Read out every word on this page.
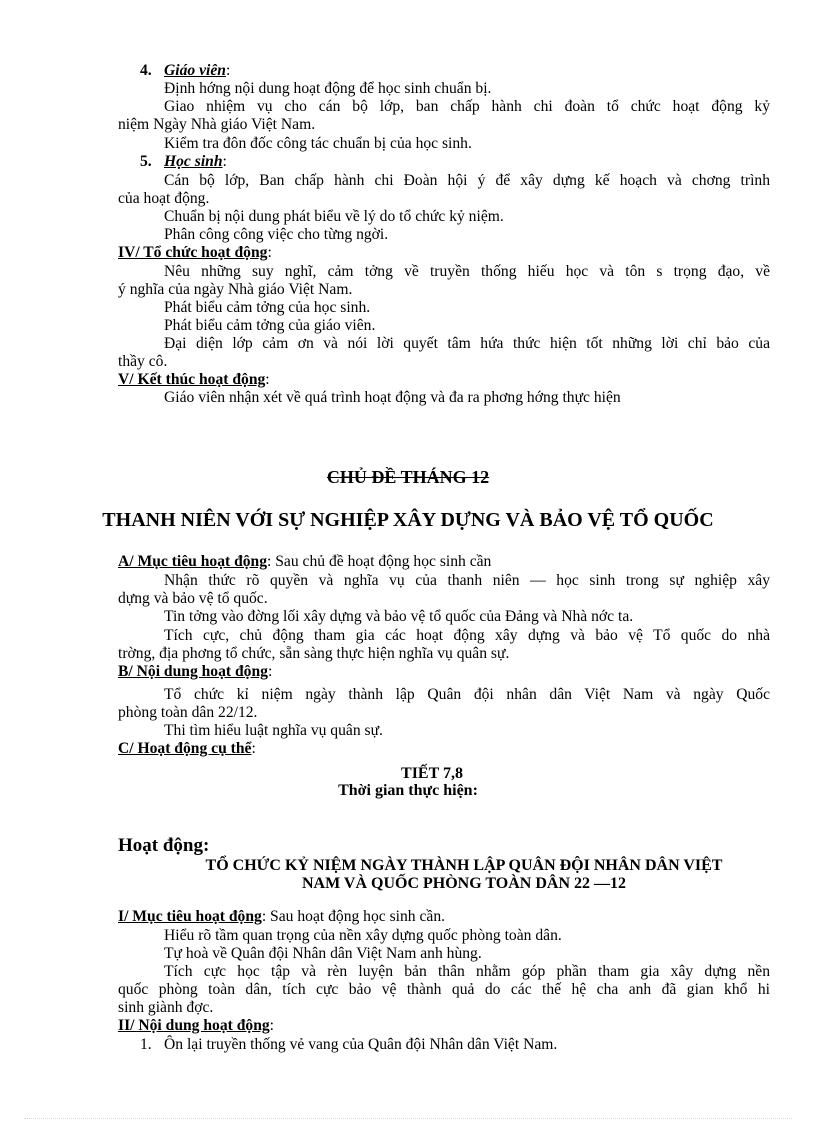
4. Giáo viên:
Định hớng nội dung hoạt động để học sinh chuẩn bị.
Giao nhiệm vụ cho cán bộ lớp, ban chấp hành chi đoàn tổ chức hoạt động kỷ
niệm Ngày Nhà giáo Việt Nam.
Kiểm tra đôn đốc công tác chuẩn bị của học sinh.
5. Học sinh:
Cán bộ lớp, Ban chấp hành chi Đoàn hội ý để xây dựng kế hoạch và chơng trình
của hoạt động.
Chuẩn bị nội dung phát biểu về lý do tổ chức kỷ niệm.
Phân công công việc cho từng ngời.
IV/ Tổ chức hoạt động:
Nêu những suy nghĩ, cảm tởng về truyền thống hiếu học và tôn s trọng đạo, về
ý nghĩa của ngày Nhà giáo Việt Nam.
Phát biểu cảm tởng của học sinh.
Phát biểu cảm tởng của giáo viên.
Đại diện lớp cảm ơn và nói lời quyết tâm hứa thức hiện tốt những lời chỉ bảo của
thầy cô.
V/ Kết thúc hoạt động:
Giáo viên nhận xét về quá trình hoạt động và đa ra phơng hớng thực hiện
CHỦ ĐỀ THÁNG 12
THANH NIÊN VỚI SỰ NGHIỆP XÂY DỰNG VÀ BẢO VỆ TỔ QUỐC
A/ Mục tiêu hoạt động: Sau chủ đề hoạt động học sinh cần
Nhận thức rõ quyền và nghĩa vụ của thanh niên — học sinh trong sự nghiệp xây
dựng và bảo vệ tổ quốc.
Tin tởng vào đờng lối xây dựng và bảo vệ tổ quốc của Đảng và Nhà nớc ta.
Tích cực, chủ động tham gia các hoạt động xây dựng và bảo vệ Tổ quốc do nhà
trờng, địa phơng tổ chức, sẵn sàng thực hiện nghĩa vụ quân sự.
B/ Nội dung hoạt động:
Tổ chức kỉ niệm ngày thành lập Quân đội nhân dân Việt Nam và ngày Quốc
phòng toàn dân 22/12.
Thi tìm hiểu luật nghĩa vụ quân sự.
C/ Hoạt động cụ thể:
TIẾT 7,8
Thời gian thực hiện:
Hoạt động:
TỔ CHỨC KỶ NIỆM NGÀY THÀNH LẬP QUÂN ĐỘI NHÂN DÂN VIỆT
NAM VÀ QUỐC PHÒNG TOÀN DÂN 22 —12
I/ Mục tiêu hoạt động: Sau hoạt động học sinh cần.
Hiểu rõ tầm quan trọng của nền xây dựng quốc phòng toàn dân.
Tự hoà về Quân đội Nhân dân Việt Nam anh hùng.
Tích cực học tập và rèn luyện bản thân nhằm góp phần tham gia xây dựng nền
quốc phòng toàn dân, tích cực bảo vệ thành quả do các thế hệ cha anh đã gian khổ hi
sinh giành đợc.
II/ Nội dung hoạt động:
1. Ôn lại truyền thống vẻ vang của Quân đội Nhân dân Việt Nam.
